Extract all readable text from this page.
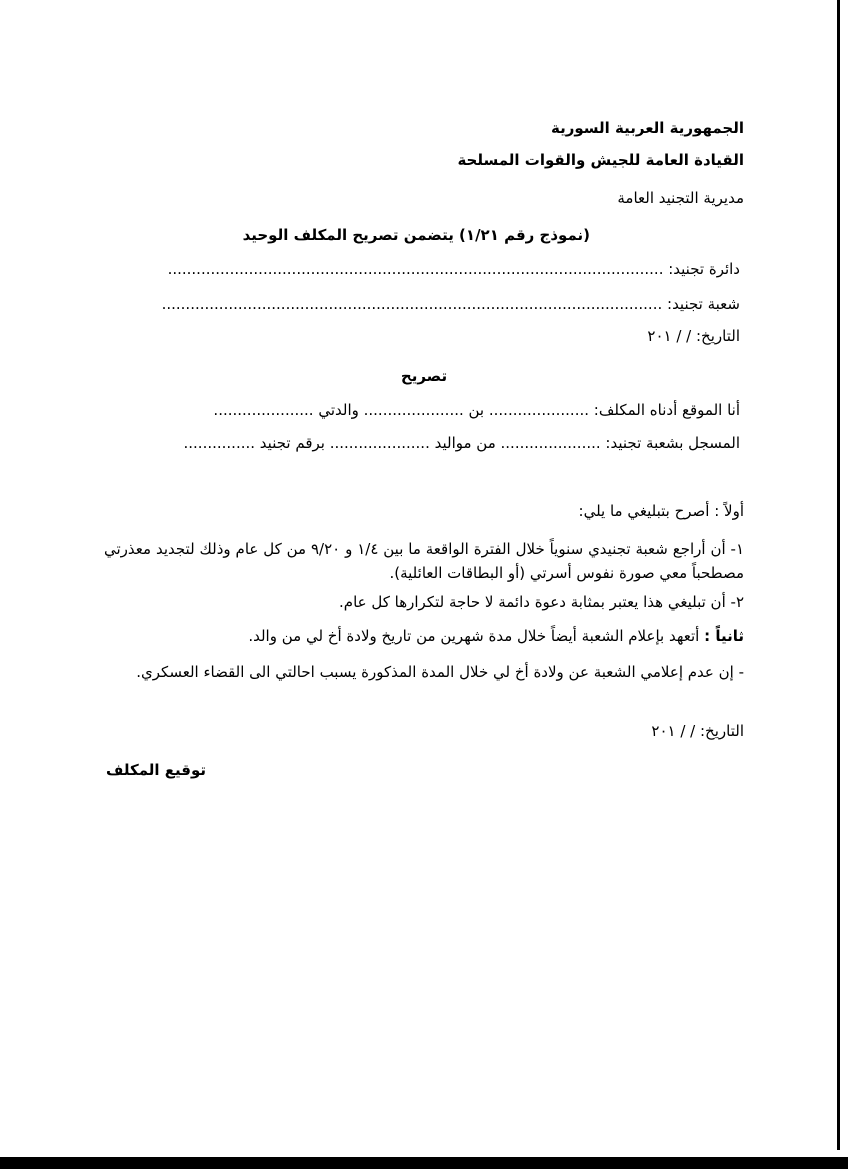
الجمهورية العربية السورية
القيادة العامة للجيش والقوات المسلحة
مديرية التجنيد العامة
(نموذج رقم ١/٢١) يتضمن تصريح المكلف الوحيد
دائرة تجنيد: ........................................................................................................
شعبة تجنيد: .........................................................................................................
التاريخ: / / ٢٠١
تصريح
أنا الموقع أدناه المكلف: ..................... بن ..................... والدتي .....................
المسجل بشعبة تجنيد: ..................... من مواليد ..................... برقم تجنيد ...............
أولاً : أصرح بتبليغي ما يلي:
١- أن أراجع شعبة تجنيدي سنوياً خلال الفترة الواقعة ما بين ١/٤ و ٩/٢٠ من كل عام وذلك لتجديد معذرتي مصطحباً معي صورة نفوس أسرتي (أو البطاقات العائلية).
٢- أن تبليغي هذا يعتبر بمثابة دعوة دائمة لا حاجة لتكرارها كل عام.
ثانياً : أتعهد بإعلام الشعبة أيضاً خلال مدة شهرين من تاريخ ولادة أخ لي من والد.
- إن عدم إعلامي الشعبة عن ولادة أخ لي خلال المدة المذكورة يسبب احالتي الى القضاء العسكري.
التاريخ: / / ٢٠١
توقيع المكلف
